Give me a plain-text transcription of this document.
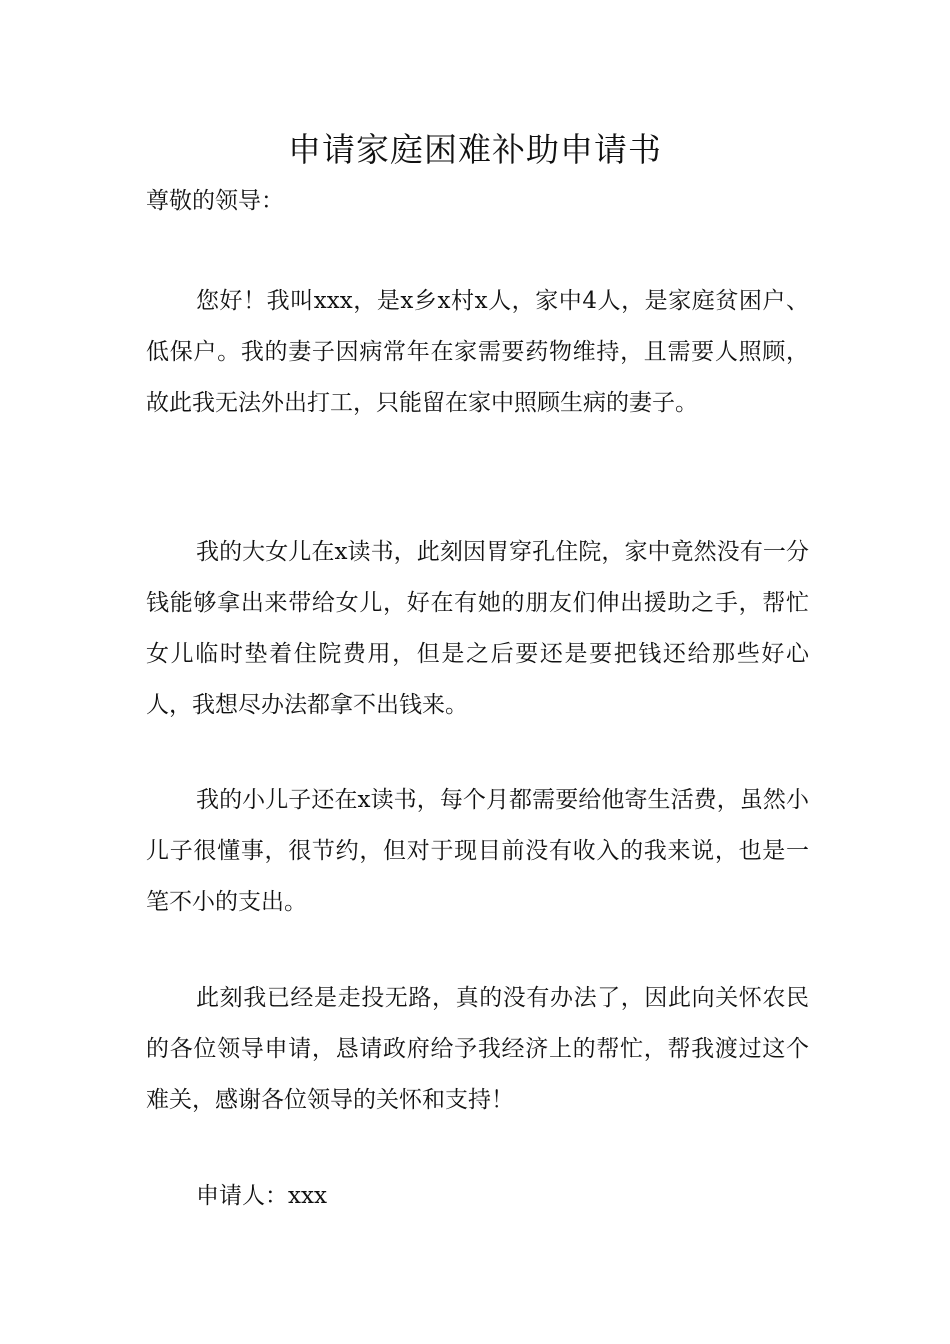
申请家庭困难补助申请书
尊敬的领导：

您好！我叫xxx，是x乡x村x人，家中4人，是家庭贫困户、低保户。我的妻子因病常年在家需要药物维持，且需要人照顾，故此我无法外出打工，只能留在家中照顾生病的妻子。

我的大女儿在x读书，此刻因胃穿孔住院，家中竟然没有一分钱能够拿出来带给女儿，好在有她的朋友们伸出援助之手，帮忙女儿临时垫着住院费用，但是之后要还是要把钱还给那些好心人，我想尽办法都拿不出钱来。

我的小儿子还在x读书，每个月都需要给他寄生活费，虽然小儿子很懂事，很节约，但对于现目前没有收入的我来说，也是一笔不小的支出。

此刻我已经是走投无路，真的没有办法了，因此向关怀农民的各位领导申请，恳请政府给予我经济上的帮忙，帮我渡过这个难关，感谢各位领导的关怀和支持！

申请人：xxx
